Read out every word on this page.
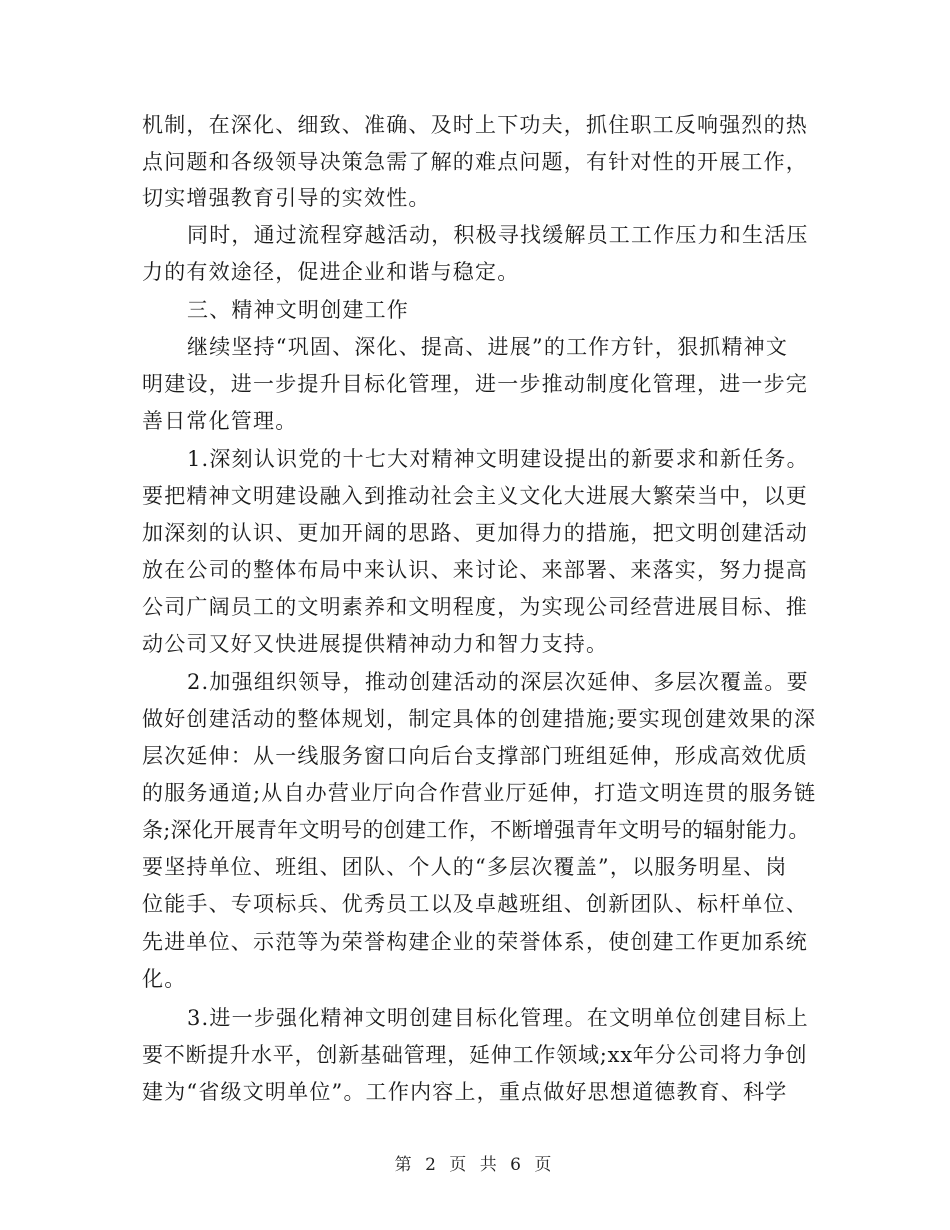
机制，在深化、细致、准确、及时上下功夫，抓住职工反响强烈的热
点问题和各级领导决策急需了解的难点问题，有针对性的开展工作，
切实增强教育引导的实效性。
同时，通过流程穿越活动，积极寻找缓解员工工作压力和生活压
力的有效途径，促进企业和谐与稳定。
三、精神文明创建工作
继续坚持“巩固、深化、提高、进展”的工作方针，狠抓精神文
明建设，进一步提升目标化管理，进一步推动制度化管理，进一步完
善日常化管理。
1.深刻认识党的十七大对精神文明建设提出的新要求和新任务。
要把精神文明建设融入到推动社会主义文化大进展大繁荣当中，以更
加深刻的认识、更加开阔的思路、更加得力的措施，把文明创建活动
放在公司的整体布局中来认识、来讨论、来部署、来落实，努力提高
公司广阔员工的文明素养和文明程度，为实现公司经营进展目标、推
动公司又好又快进展提供精神动力和智力支持。
2.加强组织领导，推动创建活动的深层次延伸、多层次覆盖。要
做好创建活动的整体规划，制定具体的创建措施;要实现创建效果的深
层次延伸：从一线服务窗口向后台支撑部门班组延伸，形成高效优质
的服务通道;从自办营业厅向合作营业厅延伸，打造文明连贯的服务链
条;深化开展青年文明号的创建工作，不断增强青年文明号的辐射能力。
要坚持单位、班组、团队、个人的“多层次覆盖”，以服务明星、岗
位能手、专项标兵、优秀员工以及卓越班组、创新团队、标杆单位、
先进单位、示范等为荣誉构建企业的荣誉体系，使创建工作更加系统
化。
3.进一步强化精神文明创建目标化管理。在文明单位创建目标上
要不断提升水平，创新基础管理，延伸工作领域;xx年分公司将力争创
建为“省级文明单位”。工作内容上，重点做好思想道德教育、科学
第 2 页 共 6 页
